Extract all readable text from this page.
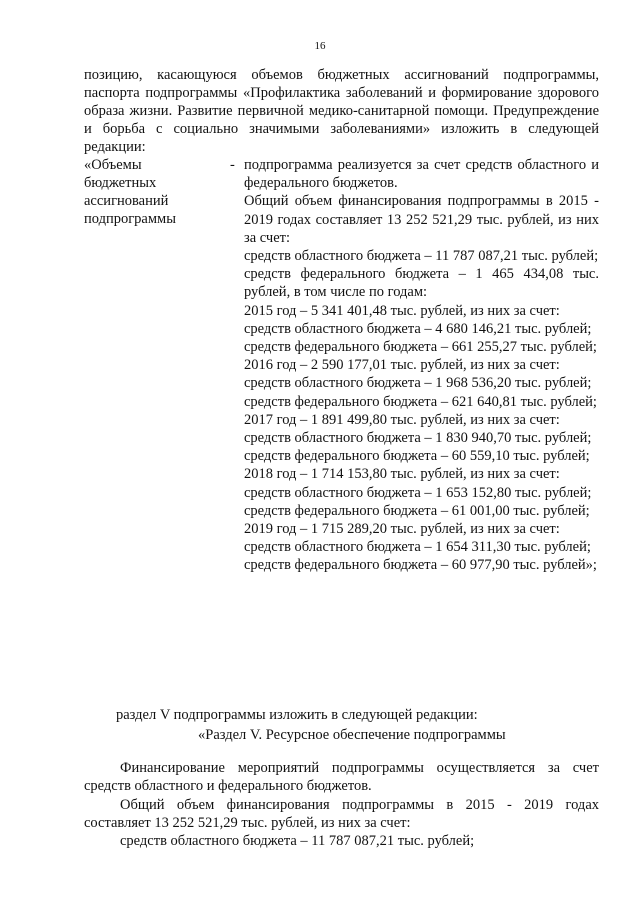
16

позицию, касающуюся объемов бюджетных ассигнований подпрограммы, паспорта подпрограммы «Профилактика заболеваний и формирование здорового образа жизни. Развитие первичной медико-санитарной помощи. Предупреждение и борьба с социально значимыми заболеваниями» изложить в следующей редакции:

«Объемы
бюджетных
ассигнований
подпрограммы
- подпрограмма реализуется за счет средств областного и федерального бюджетов.

Общий объем финансирования подпрограммы в 2015 - 2019 годах составляет 13 252 521,29 тыс. рублей, из них за счет:

средств областного бюджета – 11 787 087,21 тыс. рублей;

средств федерального бюджета – 1 465 434,08 тыс. рублей, в том числе по годам:

2015 год – 5 341 401,48 тыс. рублей, из них за счет:

средств областного бюджета – 4 680 146,21 тыс. рублей;

средств федерального бюджета – 661 255,27 тыс. рублей;

2016 год – 2 590 177,01 тыс. рублей, из них за счет:

средств областного бюджета – 1 968 536,20 тыс. рублей;

средств федерального бюджета – 621 640,81 тыс. рублей;

2017 год – 1 891 499,80 тыс. рублей, из них за счет:

средств областного бюджета – 1 830 940,70 тыс. рублей;

средств федерального бюджета – 60 559,10 тыс. рублей;

2018 год – 1 714 153,80 тыс. рублей, из них за счет:

средств областного бюджета – 1 653 152,80 тыс. рублей;

средств федерального бюджета – 61 001,00 тыс. рублей;

2019 год – 1 715 289,20 тыс. рублей, из них за счет:

средств областного бюджета – 1 654 311,30 тыс. рублей;

средств федерального бюджета – 60 977,90 тыс. рублей»;

раздел V подпрограммы изложить в следующей редакции:
«Раздел V. Ресурсное обеспечение подпрограммы

Финансирование мероприятий подпрограммы осуществляется за счет средств областного и федерального бюджетов.

Общий объем финансирования подпрограммы в 2015 - 2019 годах составляет 13 252 521,29 тыс. рублей, из них за счет:

средств областного бюджета – 11 787 087,21 тыс. рублей;
